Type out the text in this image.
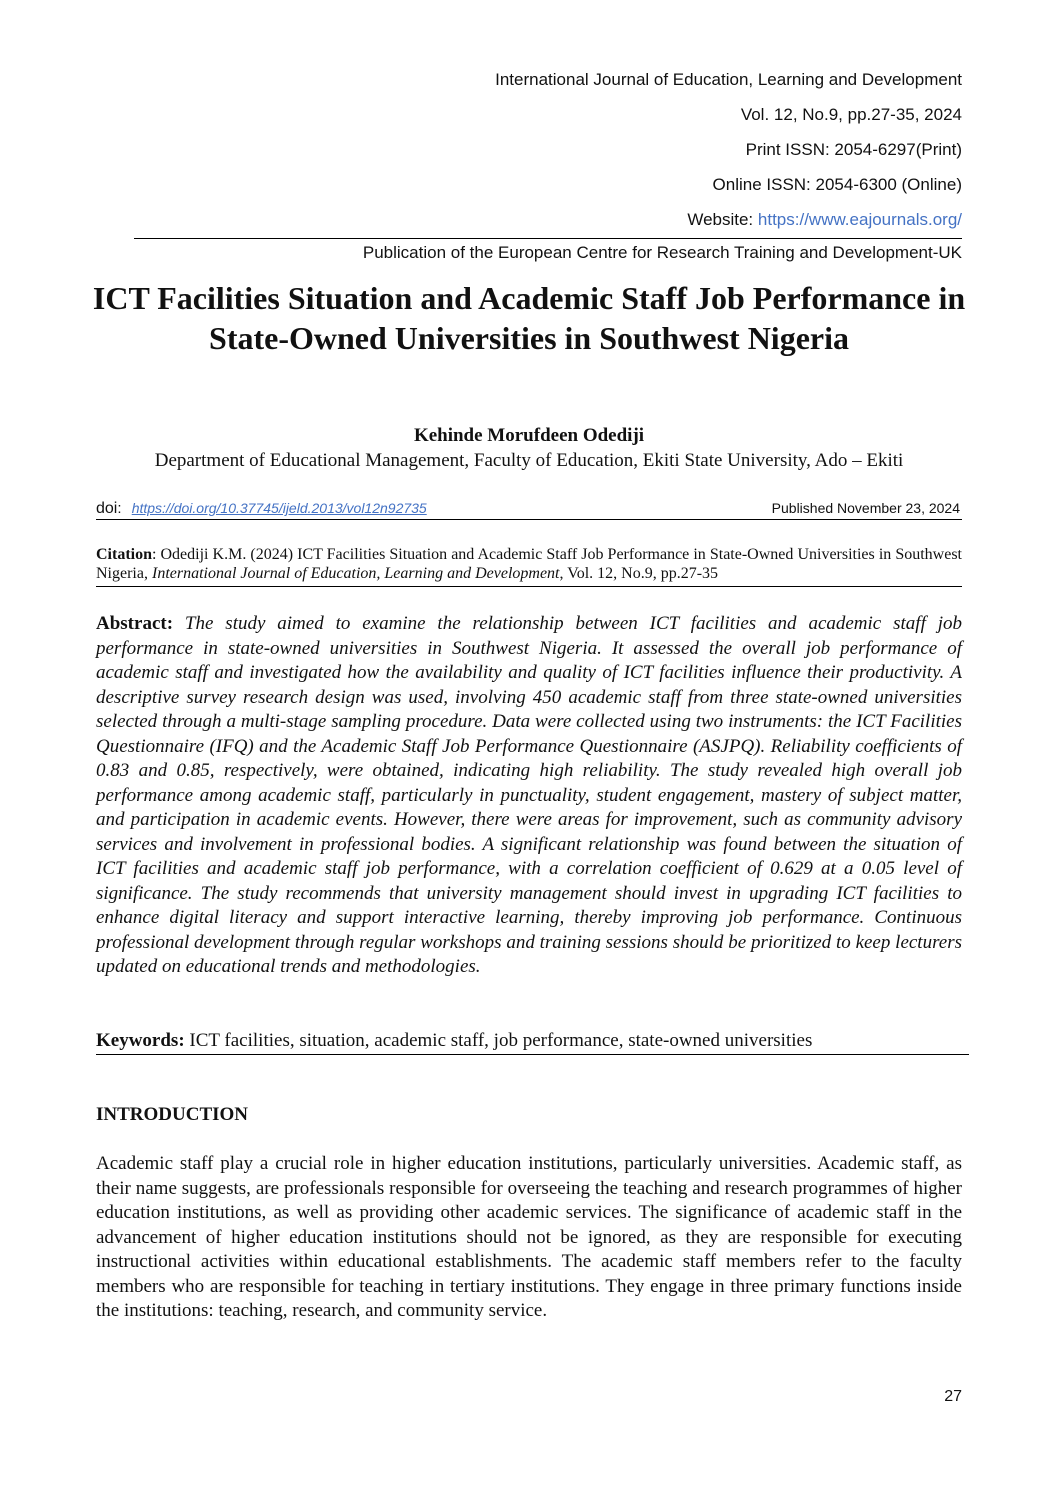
International Journal of Education, Learning and Development
Vol. 12, No.9, pp.27-35, 2024
Print ISSN: 2054-6297(Print)
Online ISSN: 2054-6300 (Online)
Website: https://www.eajournals.org/
Publication of the European Centre for Research Training and Development-UK
ICT Facilities Situation and Academic Staff Job Performance in State-Owned Universities in Southwest Nigeria
Kehinde Morufdeen Odediji
Department of Educational Management, Faculty of Education, Ekiti State University, Ado – Ekiti
doi: https://doi.org/10.37745/ijeld.2013/vol12n92735	Published November 23, 2024
Citation: Odediji K.M. (2024) ICT Facilities Situation and Academic Staff Job Performance in State-Owned Universities in Southwest Nigeria, International Journal of Education, Learning and Development, Vol. 12, No.9, pp.27-35
Abstract: The study aimed to examine the relationship between ICT facilities and academic staff job performance in state-owned universities in Southwest Nigeria. It assessed the overall job performance of academic staff and investigated how the availability and quality of ICT facilities influence their productivity. A descriptive survey research design was used, involving 450 academic staff from three state-owned universities selected through a multi-stage sampling procedure. Data were collected using two instruments: the ICT Facilities Questionnaire (IFQ) and the Academic Staff Job Performance Questionnaire (ASJPQ). Reliability coefficients of 0.83 and 0.85, respectively, were obtained, indicating high reliability. The study revealed high overall job performance among academic staff, particularly in punctuality, student engagement, mastery of subject matter, and participation in academic events. However, there were areas for improvement, such as community advisory services and involvement in professional bodies. A significant relationship was found between the situation of ICT facilities and academic staff job performance, with a correlation coefficient of 0.629 at a 0.05 level of significance. The study recommends that university management should invest in upgrading ICT facilities to enhance digital literacy and support interactive learning, thereby improving job performance. Continuous professional development through regular workshops and training sessions should be prioritized to keep lecturers updated on educational trends and methodologies.
Keywords: ICT facilities, situation, academic staff, job performance, state-owned universities
INTRODUCTION

Academic staff play a crucial role in higher education institutions, particularly universities. Academic staff, as their name suggests, are professionals responsible for overseeing the teaching and research programmes of higher education institutions, as well as providing other academic services. The significance of academic staff in the advancement of higher education institutions should not be ignored, as they are responsible for executing instructional activities within educational establishments. The academic staff members refer to the faculty members who are responsible for teaching in tertiary institutions. They engage in three primary functions inside the institutions: teaching, research, and community service.

27
